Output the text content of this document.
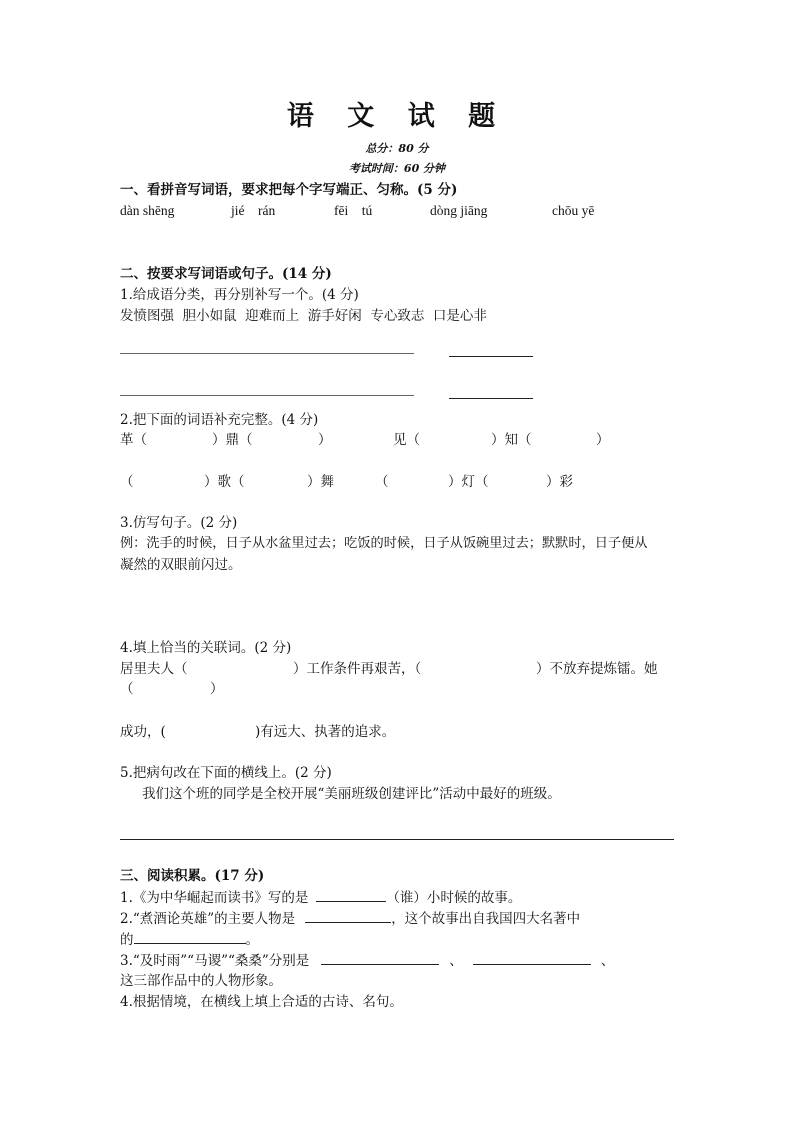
语 文 试 题
总分：80 分
考试时间：60 分钟
一、看拼音写词语，要求把每个字写端正、匀称。(5 分)
dàn shēng	jié    rán	fēi    tú	dòng jiāng	chōu yē
二、按要求写词语或句子。(14 分)
1.给成语分类，再分别补写一个。(4 分)
发愤图强  胆小如鼠  迎难而上  游手好闲  专心致志  口是心非
2.把下面的词语补充完整。(4 分)
革（	）鼎（	）	见（	）知（	）
（	）歌（	）舞	（	）灯（	）彩
3.仿写句子。(2 分)
例：洗手的时候，日子从水盆里过去；吃饭的时候，日子从饭碗里过去；默默时，日子便从
凝然的双眼前闪过。
4.填上恰当的关联词。(2 分)
居里夫人（	）工作条件再艰苦，（	）不放弃提炼镭。她
（	）
成功，(	)有远大、执著的追求。
5.把病句改在下面的横线上。(2 分)
我们这个班的同学是全校开展“美丽班级创建评比”活动中最好的班级。
三、阅读积累。(17 分)
1.《为中华崛起而读书》写的是	（谁）小时候的故事。
2.“煮酒论英雄”的主要人物是	，这个故事出自我国四大名著中
的	。
3.“及时雨”“马谡”“桑桑”分别是	、	、
这三部作品中的人物形象。
4.根据情境，在横线上填上合适的古诗、名句。
